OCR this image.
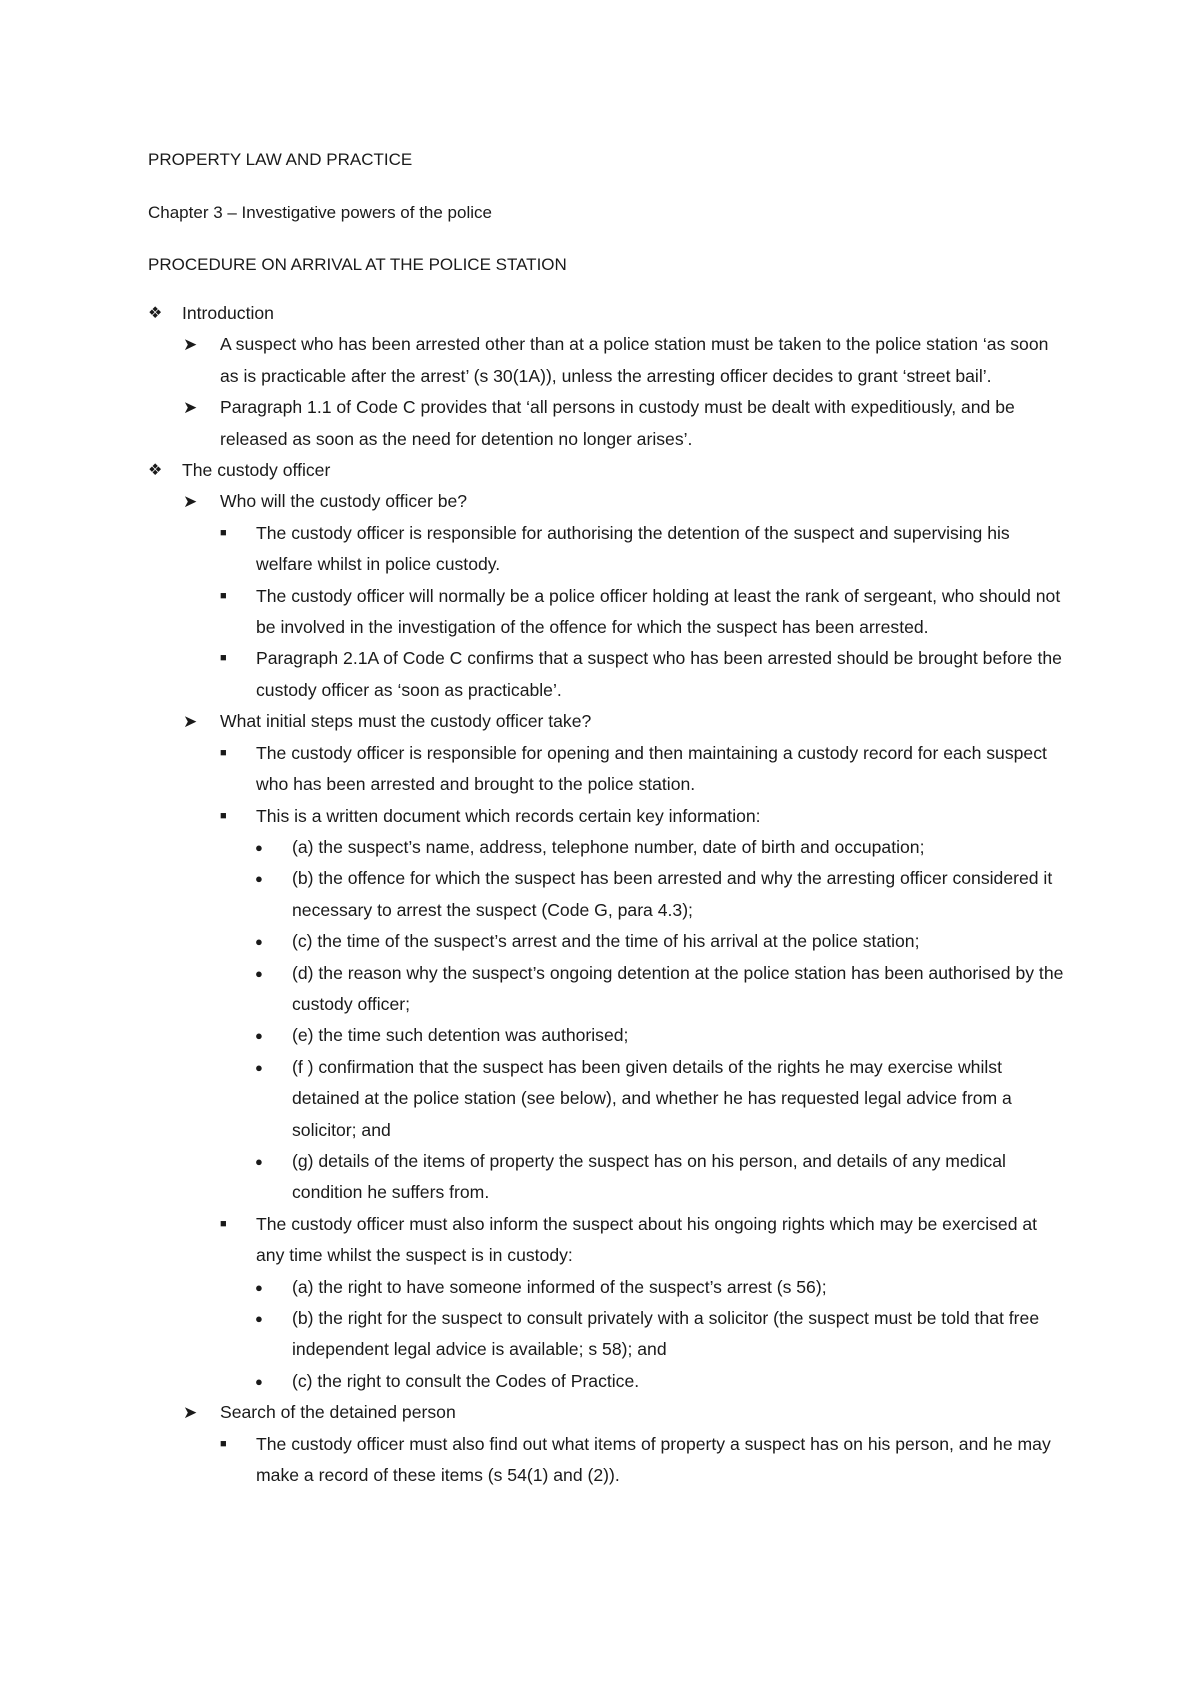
PROPERTY LAW AND PRACTICE
Chapter 3 – Investigative powers of the police
PROCEDURE ON ARRIVAL AT THE POLICE STATION
❖	Introduction
➤	A suspect who has been arrested other than at a police station must be taken to the police station ‘as soon as is practicable after the arrest’ (s 30(1A)), unless the arresting officer decides to grant ‘street bail’.
➤	Paragraph 1.1 of Code C provides that ‘all persons in custody must be dealt with expeditiously, and be released as soon as the need for detention no longer arises’.
❖	The custody officer
➤	Who will the custody officer be?
■	The custody officer is responsible for authorising the detention of the suspect and supervising his welfare whilst in police custody.
■	The custody officer will normally be a police officer holding at least the rank of sergeant, who should not be involved in the investigation of the offence for which the suspect has been arrested.
■	Paragraph 2.1A of Code C confirms that a suspect who has been arrested should be brought before the custody officer as ‘soon as practicable’.
➤	What initial steps must the custody officer take?
■	The custody officer is responsible for opening and then maintaining a custody record for each suspect who has been arrested and brought to the police station.
■	This is a written document which records certain key information:
●	(a) the suspect’s name, address, telephone number, date of birth and occupation;
●	(b) the offence for which the suspect has been arrested and why the arresting officer considered it necessary to arrest the suspect (Code G, para 4.3);
●	(c) the time of the suspect’s arrest and the time of his arrival at the police station;
●	(d) the reason why the suspect’s ongoing detention at the police station has been authorised by the custody officer;
●	(e) the time such detention was authorised;
●	(f ) confirmation that the suspect has been given details of the rights he may exercise whilst detained at the police station (see below), and whether he has requested legal advice from a solicitor; and
●	(g) details of the items of property the suspect has on his person, and details of any medical condition he suffers from.
■	The custody officer must also inform the suspect about his ongoing rights which may be exercised at any time whilst the suspect is in custody:
●	(a) the right to have someone informed of the suspect’s arrest (s 56);
●	(b) the right for the suspect to consult privately with a solicitor (the suspect must be told that free independent legal advice is available; s 58); and
●	(c) the right to consult the Codes of Practice.
➤	Search of the detained person
■	The custody officer must also find out what items of property a suspect has on his person, and he may make a record of these items (s 54(1) and (2)).
